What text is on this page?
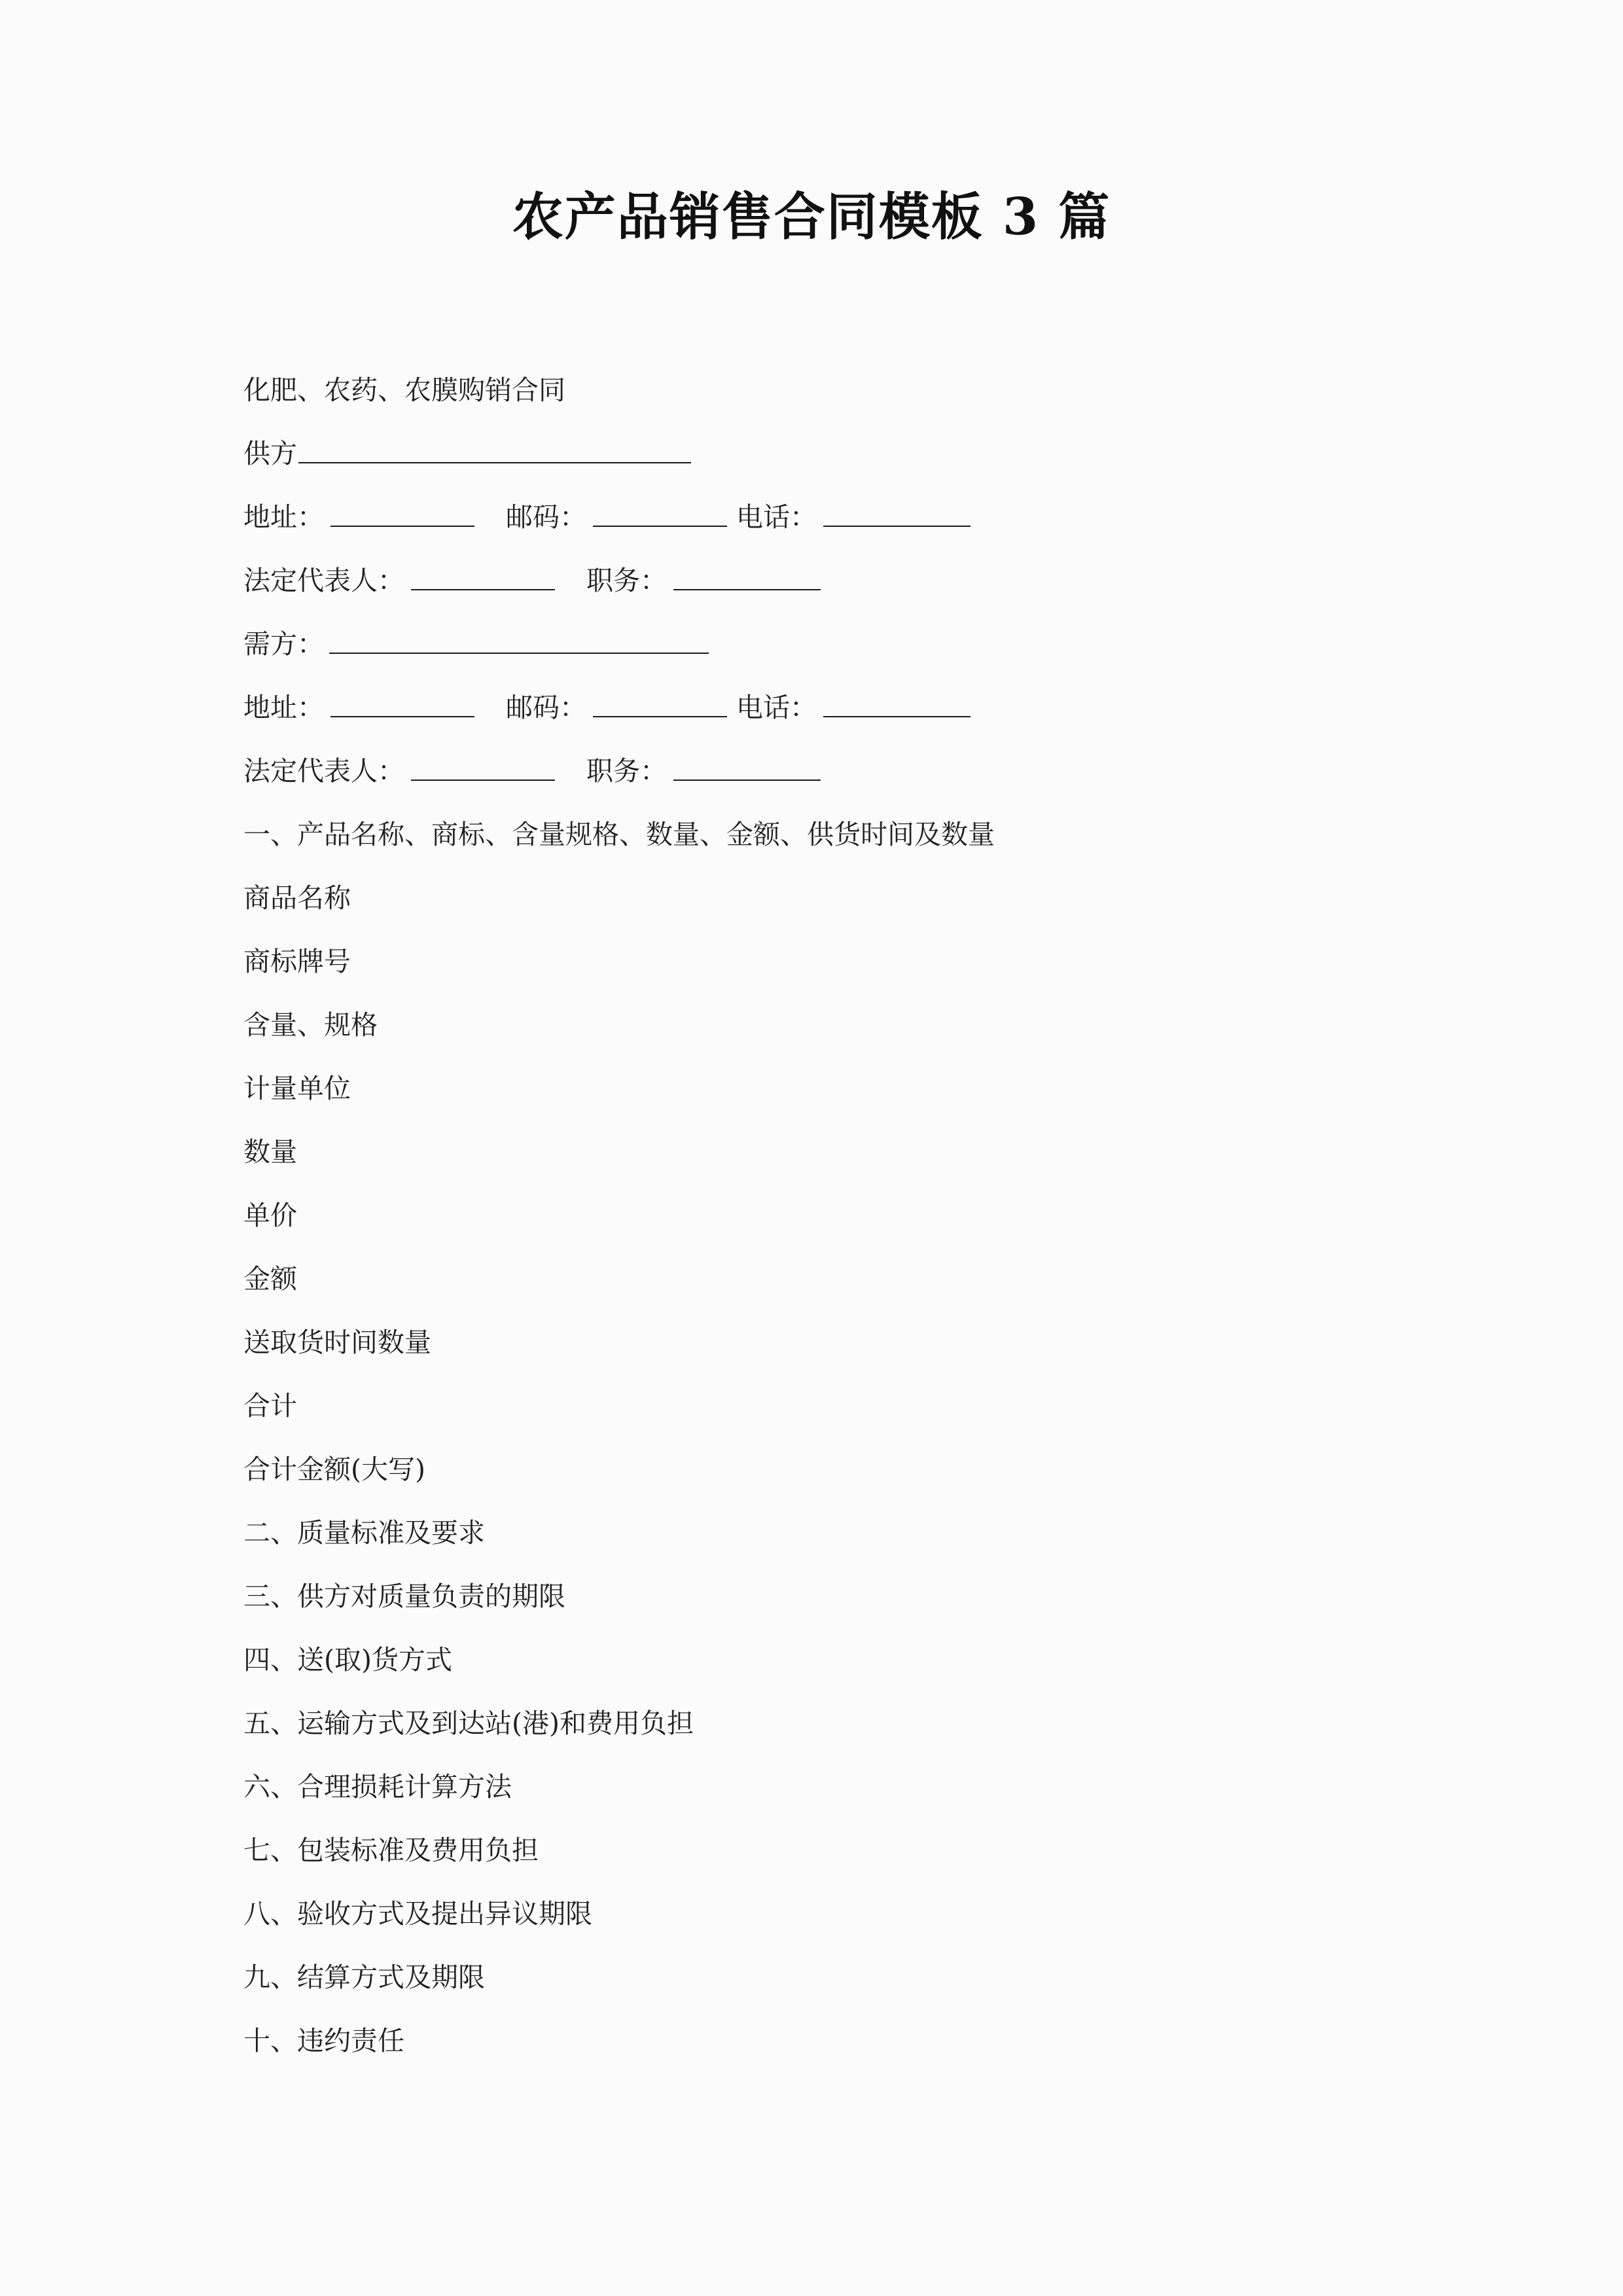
农产品销售合同模板 3 篇
化肥、农药、农膜购销合同
供方
地址：	邮码：	电话：
法定代表人：	职务：
需方：
地址：	邮码：	电话：
法定代表人：	职务：
一、产品名称、商标、含量规格、数量、金额、供货时间及数量
商品名称
商标牌号
含量、规格
计量单位
数量
单价
金额
送取货时间数量
合计
合计金额(大写)
二、质量标准及要求
三、供方对质量负责的期限
四、送(取)货方式
五、运输方式及到达站(港)和费用负担
六、合理损耗计算方法
七、包装标准及费用负担
八、验收方式及提出异议期限
九、结算方式及期限
十、违约责任
